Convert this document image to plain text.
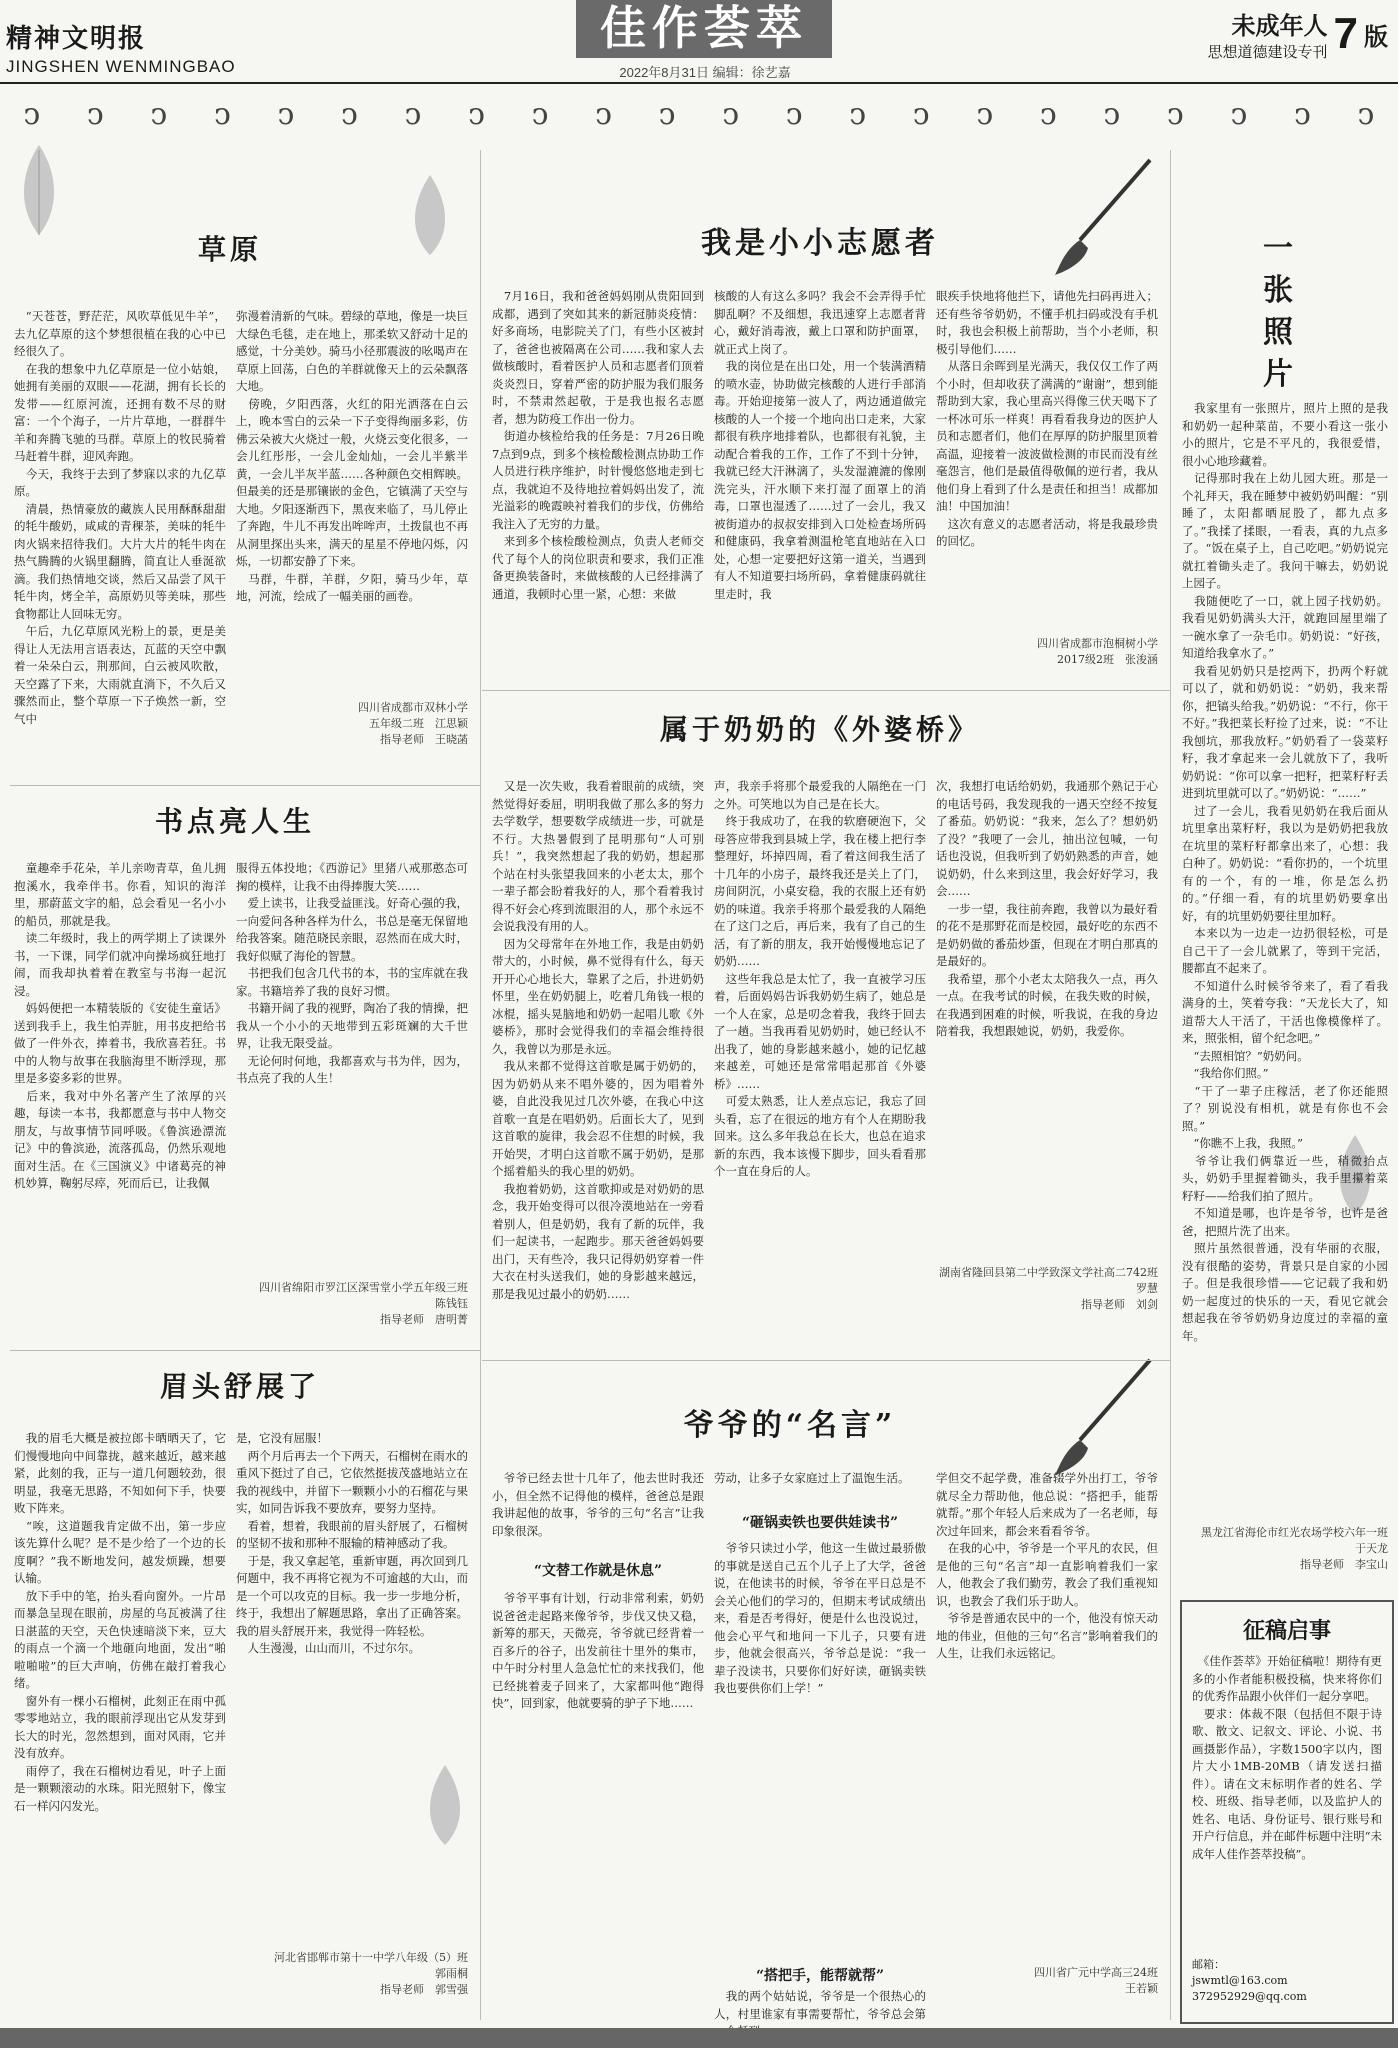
精神文明报
JINGSHEN WENMINGBAO
佳作荟萃
2022年8月31日 编辑：徐艺嘉
未成年人
思想道德建设专刊 7 版
ↄ ↄ ↄ ↄ ↄ ↄ ↄ ↄ ↄ ↄ ↄ ↄ ↄ ↄ ↄ ↄ ↄ ↄ ↄ ↄ ↄ ↄ
草原
　“天苍苍，野茫茫，风吹草低见牛羊”，去九亿草原的这个梦想很植在我的心中已经很久了。
　在我的想象中九亿草原是一位小姑娘，她拥有美丽的双眼——花湖，拥有长长的发带——红原河流，还拥有数不尽的财富：一个个海子，一片片草地，一群群牛羊和奔腾飞驰的马群。草原上的牧民骑着马赶着牛群，迎风奔跑。
　今天，我终于去到了梦寐以求的九亿草原。
　清晨，热情豪放的藏族人民用酥酥甜甜的牦牛酸奶，咸咸的青稞茶，美味的牦牛肉火锅来招待我们。大片大片的牦牛肉在热气腾腾的火锅里翻腾，简直让人垂涎欲滴。我们热情地交谈，然后又品尝了风干牦牛肉，烤全羊，高原奶贝等美味，那些食物都让人回味无穷。
　午后，九亿草原风光粉上的景，更是美得让人无法用言语表达，瓦蓝的天空中飘着一朵朵白云，荆那间，白云被风吹散，天空露了下来，大雨就直淌下，不久后又骤然而止，整个草原一下子焕然一新，空气中
弥漫着清新的气味。碧绿的草地，像是一块巨大绿色毛毯，走在地上，那柔软又舒动十足的感觉，十分美妙。骑马小径那震波的吆喝声在草原上回荡，白色的羊群就像天上的云朵飘落大地。
　傍晚，夕阳西落，火红的阳光洒落在白云上，晚本雪白的云朵一下子变得绚丽多彩，仿佛云朵被大火烧过一般，火烧云变化很多，一会儿红彤彤，一会儿金灿灿，一会儿半紫半黄，一会儿半灰半蓝……各种颜色交相辉映。但最美的还是那镶嵌的金色，它镇满了天空与大地。夕阳逐渐西下，黑夜来临了，马儿停止了奔跑，牛儿不再发出哞哞声，土拨鼠也不再从洞里探出头来，满天的星星不停地闪烁，闪烁，一切都安静了下来。
　马群，牛群，羊群，夕阳，骑马少年，草地，河流，绘成了一幅美丽的画卷。
四川省成都市双林小学
五年级二班　 江思颖
指导老师　 王晓菡
我是小小志愿者
　7月16日，我和爸爸妈妈刚从贵阳回到成都，遇到了突如其来的新冠肺炎疫情：好多商场，电影院关了门，有些小区被封了，爸爸也被隔离在公司……我和家人去做核酸时，看着医护人员和志愿者们顶着炎炎烈日，穿着严密的防护服为我们服务时，不禁肃然起敬，于是我也报名志愿者，想为防疫工作出一份力。
　街道办核检给我的任务是：7月26日晚7点到9点，到多个核检酸检测点协助工作人员进行秩序维护，时针慢悠悠地走到七点，我就迫不及待地拉着妈妈出发了，流光溢彩的晚霞映衬着我们的步伐，仿佛给我注入了无穷的力量。
　来到多个核检酸检测点，负责人老师交代了每个人的岗位职责和要求，我们正准备更换装备时，来做核酸的人已经排满了通道，我顿时心里一紧，心想：来做
核酸的人有这么多吗？我会不会弄得手忙脚乱啊？不及细想，我迅速穿上志愿者背心，戴好消毒液，戴上口罩和防护面罩，就正式上岗了。
　我的岗位是在出口处，用一个装满酒精的喷水壶，协助做完核酸的人进行手部消毒。开始迎接第一波人了，两边通道做完核酸的人一个接一个地向出口走来，大家都很有秩序地排着队，也都很有礼貌，主动配合着我的工作，工作了不到十分钟，我就已经大汗淋漓了，头发湿漉漉的像刚洗完头，汗水顺下来打湿了面罩上的消毒，口罩也湿透了……过了一会儿，我又被街道办的叔叔安排到入口处检查场所码和健康码，我拿着测温枪笔直地站在入口处，心想一定要把好这第一道关，当遇到有人不知道要扫场所码，拿着健康码就往里走时，我
眼疾手快地将他拦下，请他先扫码再进入；还有些爷爷奶奶，不懂手机扫码或没有手机时，我也会积极上前帮助，当个小老师，积极引导他们……
　从落日余晖到星光满天，我仅仅工作了两个小时，但却收获了满满的“谢谢”，想到能帮助到大家，我心里高兴得像三伏天喝下了一杯冰可乐一样爽！再看看我身边的医护人员和志愿者们，他们在厚厚的防护服里顶着高温，迎接着一波波做检测的市民而没有丝毫怨言，他们是最值得敬佩的逆行者，我从他们身上看到了什么是责任和担当！成都加油！中国加油！
　这次有意义的志愿者活动，将是我最珍贵的回忆。
四川省成都市泡桐树小学
2017级2班　 张浚涵
一张照片
　我家里有一张照片，照片上照的是我和奶奶一起种菜苗，不要小看这一张小小的照片，它是不平凡的，我很爱惜，很小心地珍藏着。
　记得那时我在上幼儿园大班。那是一个礼拜天，我在睡梦中被奶奶叫醒：“别睡了，太阳都晒屁股了，都九点多了。”我揉了揉眼，一看表，真的九点多了。“饭在桌子上，自己吃吧。”奶奶说完就扛着锄头走了。我问干嘛去，奶奶说上园子。
　我随便吃了一口，就上园子找奶奶。我看见奶奶满头大汗，就跑回屋里端了一碗水拿了一杂毛巾。奶奶说：“好孩，知道给我拿水了。”
　我看见奶奶只是挖两下，扔两个籽就可以了，就和奶奶说：“奶奶，我来帮你，把镐头给我。”奶奶说：“不行，你干不好。”我把菜长籽捡了过来，说：“不让我刨坑，那我放籽。”奶奶看了一袋菜籽籽，我才拿起来一会儿就放下了，我听奶奶说：“你可以拿一把籽，把菜籽籽丢进到坑里就可以了。”奶奶说：“……”
　过了一会儿，我看见奶奶在我后面从坑里拿出菜籽籽，我以为是奶奶把我放在坑里的菜籽籽都拿出来了，心想：我白种了。奶奶说：“看你扔的，一个坑里有的一个，有的一堆，你是怎么扔的。”仔细一看，有的坑里奶奶要拿出好，有的坑里奶奶要往里加籽。
　本来以为一边走一边扔很轻松，可是自己干了一会儿就累了，等到干完活，腰都直不起来了。
　不知道什么时候爷爷来了，看了看我满身的土，笑着夸我：“天龙长大了，知道帮大人干活了，干活也像模像样了。来，照张相，留个纪念吧。”
　“去照相馆？”奶奶问。
　“我给你们照。”
　“干了一辈子庄稼活，老了你还能照了？别说没有相机，就是有你也不会照。”
　“你瞧不上我，我照。”
　爷爷让我们俩靠近一些，稍微抬点头，奶奶手里握着锄头，我手里攥着菜籽籽——给我们拍了照片。
　不知道是哪，也许是爷爷，也许是爸爸，把照片洗了出来。
　照片虽然很普通，没有华丽的衣服，没有很酷的姿势，背景只是自家的小园子。但是我很珍惜——它记载了我和奶奶一起度过的快乐的一天，看见它就会想起我在爷爷奶奶身边度过的幸福的童年。
黑龙江省海伦市红光农场学校六年一班
于天龙
指导老师　 李宝山
征稿启事
　《佳作荟萃》开始征稿啦！期待有更多的小作者能积极投稿，快来将你们的优秀作品跟小伙伴们一起分享吧。
　要求：体裁不限（包括但不限于诗歌、散文、记叙文、评论、小说、书画摄影作品），字数1500字以内，图片大小1MB-20MB（请发送扫描件）。请在文末标明作者的姓名、学校、班级、指导老师，以及监护人的姓名、电话、身份证号、银行账号和开户行信息，并在邮件标题中注明“未成年人佳作荟萃投稿”。
邮箱：
jswmtl@163.com
372952929@qq.com
书点亮人生
　童趣牵手花朵，羊儿亲吻青草，鱼儿拥抱溪水，我牵伴书。你看，知识的海洋里，那蔚蓝文字的船，总会看见一名小小的船员，那就是我。
　读二年级时，我上的两学期上了读课外书，一下课，同学们就冲向操场疯狂地打闹，而我却执着着在教室与书海一起沉浸。
　妈妈便把一本精装版的《安徒生童话》送到我手上，我生怕弄脏，用书皮把给书做了一件外衣，捧着书，我欣喜若狂。书中的人物与故事在我脑海里不断浮现，那里是多姿多彩的世界。
　后来，我对中外名著产生了浓厚的兴趣，每读一本书，我都愿意与书中人物交朋友，与故事情节同呼吸。《鲁滨逊漂流记》中的鲁滨逊，流落孤岛，仍然乐观地面对生活。在《三国演义》中诸葛亮的神机妙算，鞠躬尽瘁，死而后已，让我佩
服得五体投地；《西游记》里猪八戒那憨态可掬的模样，让我不由得捧腹大笑……
　爱上读书，让我受益匪浅。好奇心强的我，一向爱问各种各样为什么，书总是毫无保留地给我答案。随范晓民亲眼，忍然而在成大时，我好似赋了海伦的智慧。
　书把我们包含几代书的本，书的宝库就在我家。书籍培养了我的良好习惯。
　书籍开阔了我的视野，陶冶了我的情操，把我从一个小小的天地带到五彩斑斓的大千世界，让我无限受益。
　无论何时何地，我都喜欢与书为伴，因为，书点亮了我的人生！
四川省绵阳市罗江区深雪堂小学五年级三班
陈钱钰
指导老师　 唐明菁
属于奶奶的《外婆桥》
　又是一次失败，我看着眼前的成绩，突然觉得好委屈，明明我做了那么多的努力去学数学，想要数学成绩进一步，可就是不行。大热暑假到了昆明那句“人可别兵！”，我突然想起了我的奶奶，想起那个站在村头张望我回来的小老太太，那个一辈子都会盼着我好的人，那个看着我讨得不好会心疼到流眼泪的人，那个永远不会说我没有用的人。
　因为父母常年在外地工作，我是由奶奶带大的，小时候，鼻不觉得有什么，每天开开心心地长大，靠累了之后，扑进奶奶怀里，坐在奶奶腿上，吃着几角钱一根的冰棍，摇头晃脑地和奶奶一起唱儿歌《外婆桥》，那时会觉得我们的幸福会维持很久，我曾以为那是永远。
　我从来都不觉得这首歌是属于奶奶的，因为奶奶从来不唱外婆的，因为唱着外婆，自此没我见过几次外婆，在我心中这首歌一直是在唱奶奶。后面长大了，见到这首歌的旋律，我会忍不住想的时候，我开始哭，才明白这首歌不属于奶奶，是那个摇着船头的我心里的奶奶。
　我抱着奶奶，这首歌抑或是对奶奶的思念，我开始变得可以很冷漠地站在一旁看着别人，但是奶奶，我有了新的玩伴，我们一起读书，一起跑步。那天爸爸妈妈要出门，天有些冷，我只记得奶奶穿着一件大衣在村头送我们，她的身影越来越远，那是我见过最小的奶奶……
声，我亲手将那个最爱我的人隔绝在一门之外。可笑地以为自己是在长大。
　终于我成功了，在我的软磨硬泡下，父母答应带我到县城上学，我在楼上把行李整理好，坏掉四周，看了着这间我生活了十几年的小房子，最终我还是关上了门，房间阴沉，小桌安稳，我的衣服上还有奶奶的味道。我亲手将那个最爱我的人隔绝在了这门之后，再后来，我有了自己的生活，有了新的朋友，我开始慢慢地忘记了奶奶……
　这些年我总是太忙了，我一直被学习压着，后面妈妈告诉我奶奶生病了，她总是一个人在家，总是叨念着我，我终于回去了一趟。当我再看见奶奶时，她已经认不出我了，她的身影越来越小，她的记忆越来越差，可她还是常常唱起那首《外婆桥》……
　可爱太熟悉，让人差点忘记，我忘了回头看，忘了在很远的地方有个人在期盼我回来。这么多年我总在长大，也总在追求新的东西，我本该慢下脚步，回头看看那个一直在身后的人。
次，我想打电话给奶奶，我通那个熟记于心的电话号码，我发现我的一遇天空经不按复了番茄。奶奶说：“我来，怎么了？想奶奶了没？”我哽了一会儿，抽出泣包喊，一句话也没说，但我听到了奶奶熟悉的声音，她说奶奶，什么来到这里，我会好好学习，我会……
　一步一望，我往前奔跑，我曾以为最好看的花不是那野花而是校园，最好吃的东西不是奶奶做的番茄炒蛋，但现在才明白那真的是最好的。
　我希望，那个小老太太陪我久一点，再久一点。在我考试的时候，在我失败的时候，在我遇到困难的时候，听我说，在我的身边陪着我，我想跟她说，奶奶，我爱你。
湖南省隆回县第二中学致深文学社高二742班
罗慧
指导老师　 刘剑
眉头舒展了
　我的眉毛大概是被拉郎卡晒晒天了，它们慢慢地向中间靠拢，越来越近，越来越紧，此刻的我，正与一道几何题较劲，很明显，我毫无思路，不知如何下手，快要败下阵来。
　“唉，这道题我肯定做不出，第一步应该先算什么呢？是不是少给了一个边的长度啊？”我不断地发问，越发烦躁，想要认输。
　放下手中的笔，抬头看向窗外。一片昂而暴急呈现在眼前，房屋的乌瓦被满了往日湛蓝的天空，天色快速暗淡下来，豆大的雨点一个滴一个地砸向地面，发出“啪啦啪啦”的巨大声响，仿佛在敲打着我心绪。
　窗外有一棵小石榴树，此刻正在雨中孤零零地站立，我的眼前浮现出它从发芽到长大的时光，忽然想到，面对风雨，它并没有放弃。
　雨停了，我在石榴树边看见，叶子上面是一颗颗滚动的水珠。阳光照射下，像宝石一样闪闪发光。
是，它没有屈服！
　两个月后再去一个下两天，石榴树在雨水的重风下挺过了自己，它依然挺拔茂盛地站立在我的视线中，并留下一颗颗小小的石榴花与果实，如同告诉我不要放弃，要努力坚持。
　看着，想着，我眼前的眉头舒展了，石榴树的坚韧不拔和那种不服输的精神感动了我。
　于是，我又拿起笔，重新审题，再次回到几何题中，我不再将它视为不可逾越的大山，而是一个可以攻克的目标。我一步一步地分析，终于，我想出了解题思路，拿出了正确答案。我的眉头舒展开来，我觉得一阵轻松。
　人生漫漫，山山而川，不过尔尔。
河北省邯郸市第十一中学八年级（5）班
郭雨桐
指导老师　 郭雪强
爷爷的“名言”
　爷爷已经去世十几年了，他去世时我还小，但全然不记得他的模样，爸爸总是跟我讲起他的故事，爷爷的三句“名言”让我印象很深。
“文替工作就是休息”
　爷爷平事有计划，行动非常利索，奶奶说爸爸走起路来像爷爷，步伐又快又稳，新筹的那天，天微亮，爷爷就已经背着一百多斤的谷子，出发前往十里外的集市，中午时分村里人急急忙忙的来找我们，他已经挑着麦子回来了，大家都叫他“跑得快”，回到家，他就要骑的驴子下地……
劳动，让多子女家庭过上了温饱生活。
“砸锅卖铁也要供娃读书”
　爷爷只读过小学，他这一生做过最骄傲的事就是送自己五个儿子上了大学，爸爸说，在他读书的时候，爷爷在平日总是不会关心他们的学习的，但期末考试成绩出来，看是否考得好，便是什么也没说过，他会心平气和地问一下儿子，只要有进步，他就会很高兴，爷爷总是说：“我一辈子没读书，只要你们好好读，砸锅卖铁我也要供你们上学！”
“搭把手，能帮就帮”
　我的两个姑姑说，爷爷是一个很热心的人，村里谁家有事需要帮忙，爷爷总会第
学但交不起学费，准备辍学外出打工，爷爷就尽全力帮助他，他总说：“搭把手，能帮就帮。”那个年轻人后来成为了一名老师，每次过年回来，都会来看看爷爷。
　在我的心中，爷爷是一个平凡的农民，但是他的三句“名言”却一直影响着我们一家人，他教会了我们勤劳，教会了我们重视知识，也教会了我们乐于助人。
　爷爷是普通农民中的一个，他没有惊天动地的伟业，但他的三句“名言”影响着我们的人生，让我们永远铭记。
四川省广元中学高三24班
王若颖
